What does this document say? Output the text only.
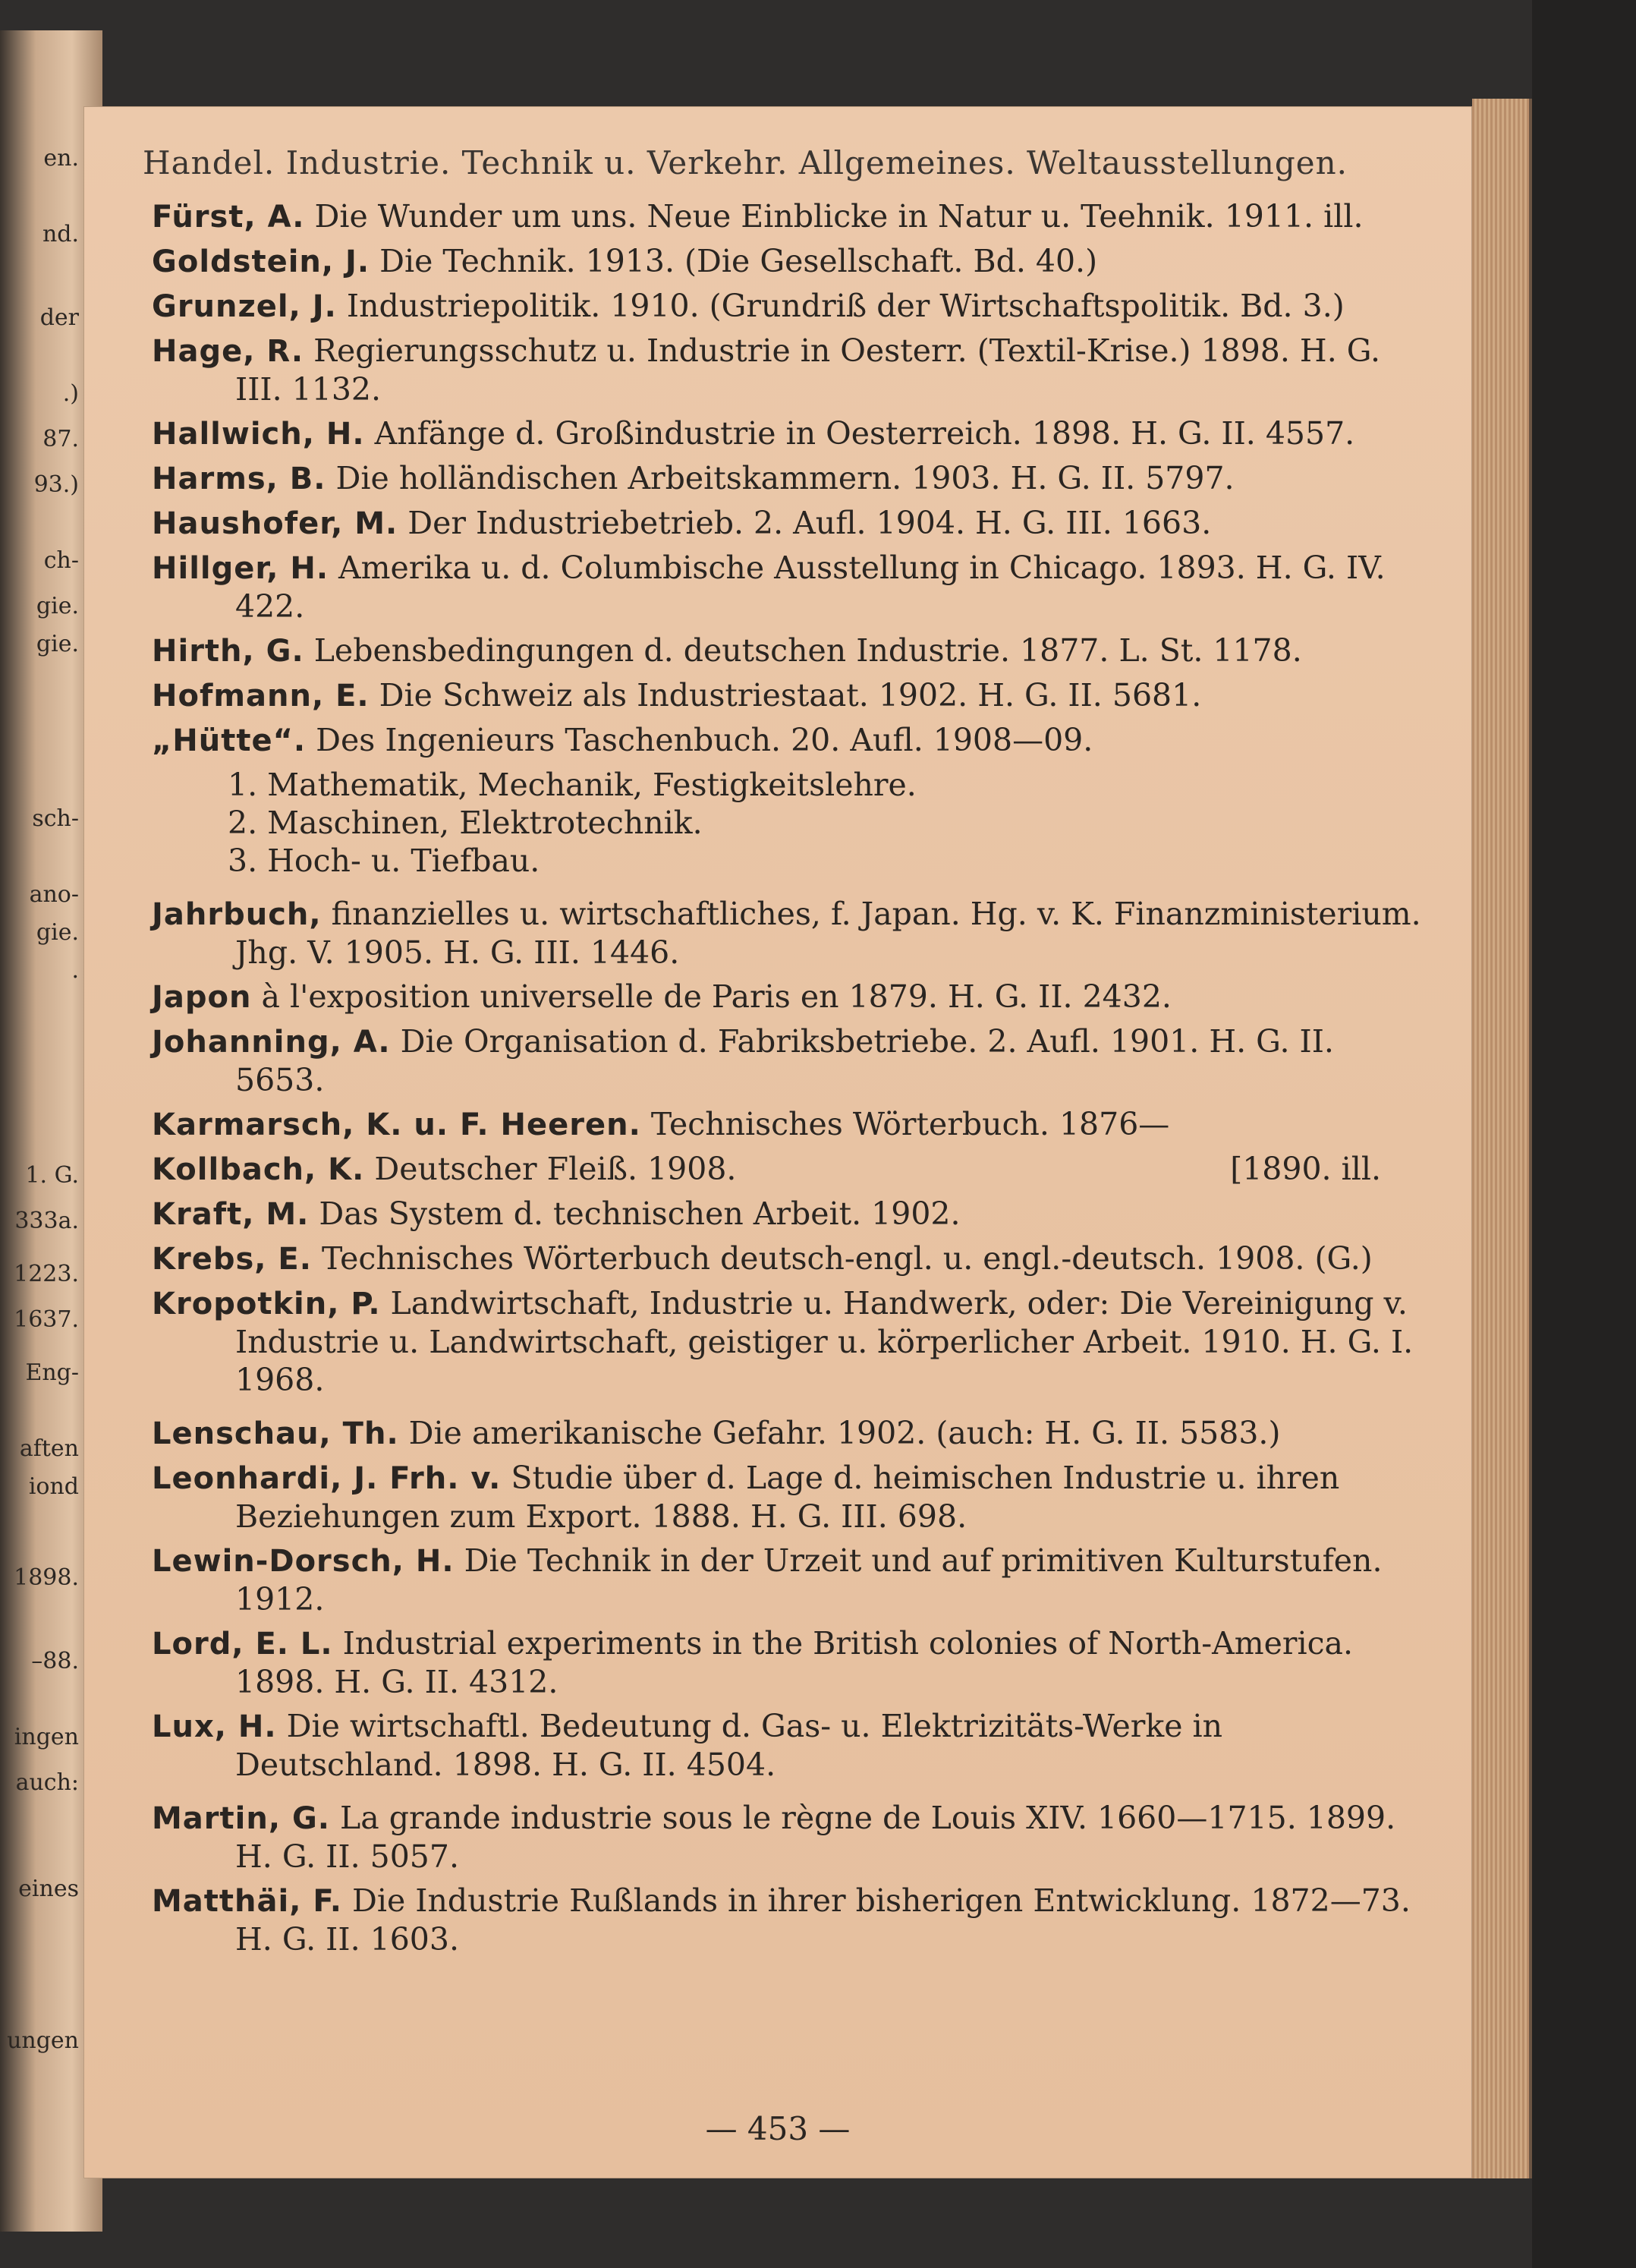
en.
nd.
der
.)
87.
93.)
ch-
gie.
gie.
sch-
ano-
gie.
.
1. G.
333a.
1223.
1637.
Eng-
aften
iond
1898.
–88.
ingen
auch:
eines
ungen
Handel. Industrie. Technik u. Verkehr. Allgemeines. Weltausstellungen.
Fürst, A. Die Wunder um uns. Neue Einblicke in Natur u. Teehnik. 1911. ill.
Goldstein, J. Die Technik. 1913. (Die Gesellschaft. Bd. 40.)
Grunzel, J. Industriepolitik. 1910. (Grundriß der Wirtschaftspolitik. Bd. 3.)
Hage, R. Regierungsschutz u. Industrie in Oesterr. (Textil-Krise.) 1898. H. G. III. 1132.
Hallwich, H. Anfänge d. Großindustrie in Oesterreich. 1898. H. G. II. 4557.
Harms, B. Die holländischen Arbeitskammern. 1903. H. G. II. 5797.
Haushofer, M. Der Industriebetrieb. 2. Aufl. 1904. H. G. III. 1663.
Hillger, H. Amerika u. d. Columbische Ausstellung in Chicago. 1893. H. G. IV. 422.
Hirth, G. Lebensbedingungen d. deutschen Industrie. 1877. L. St. 1178.
Hofmann, E. Die Schweiz als Industriestaat. 1902. H. G. II. 5681.
„Hütte“. Des Ingenieurs Taschenbuch. 20. Aufl. 1908—09.
1. Mathematik, Mechanik, Festigkeitslehre.
2. Maschinen, Elektrotechnik.
3. Hoch- u. Tiefbau.
Jahrbuch, finanzielles u. wirtschaftliches, f. Japan. Hg. v. K. Finanzministerium. Jhg. V. 1905. H. G. III. 1446.
Japon à l'exposition universelle de Paris en 1879. H. G. II. 2432.
Johanning, A. Die Organisation d. Fabriksbetriebe. 2. Aufl. 1901. H. G. II. 5653.
Karmarsch, K. u. F. Heeren. Technisches Wörterbuch. 1876—
Kollbach, K. Deutscher Fleiß. 1908.	[1890. ill.
Kraft, M. Das System d. technischen Arbeit. 1902.
Krebs, E. Technisches Wörterbuch deutsch-engl. u. engl.-deutsch. 1908. (G.)
Kropotkin, P. Landwirtschaft, Industrie u. Handwerk, oder: Die Vereinigung v. Industrie u. Landwirtschaft, geistiger u. körperlicher Arbeit. 1910. H. G. I. 1968.
Lenschau, Th. Die amerikanische Gefahr. 1902. (auch: H. G. II. 5583.)
Leonhardi, J. Frh. v. Studie über d. Lage d. heimischen Industrie u. ihren Beziehungen zum Export. 1888. H. G. III. 698.
Lewin-Dorsch, H. Die Technik in der Urzeit und auf primitiven Kulturstufen. 1912.
Lord, E. L. Industrial experiments in the British colonies of North-America. 1898. H. G. II. 4312.
Lux, H. Die wirtschaftl. Bedeutung d. Gas- u. Elektrizitäts-Werke in Deutschland. 1898. H. G. II. 4504.
Martin, G. La grande industrie sous le règne de Louis XIV. 1660—1715. 1899. H. G. II. 5057.
Matthäi, F. Die Industrie Rußlands in ihrer bisherigen Entwicklung. 1872—73. H. G. II. 1603.
— 453 —
